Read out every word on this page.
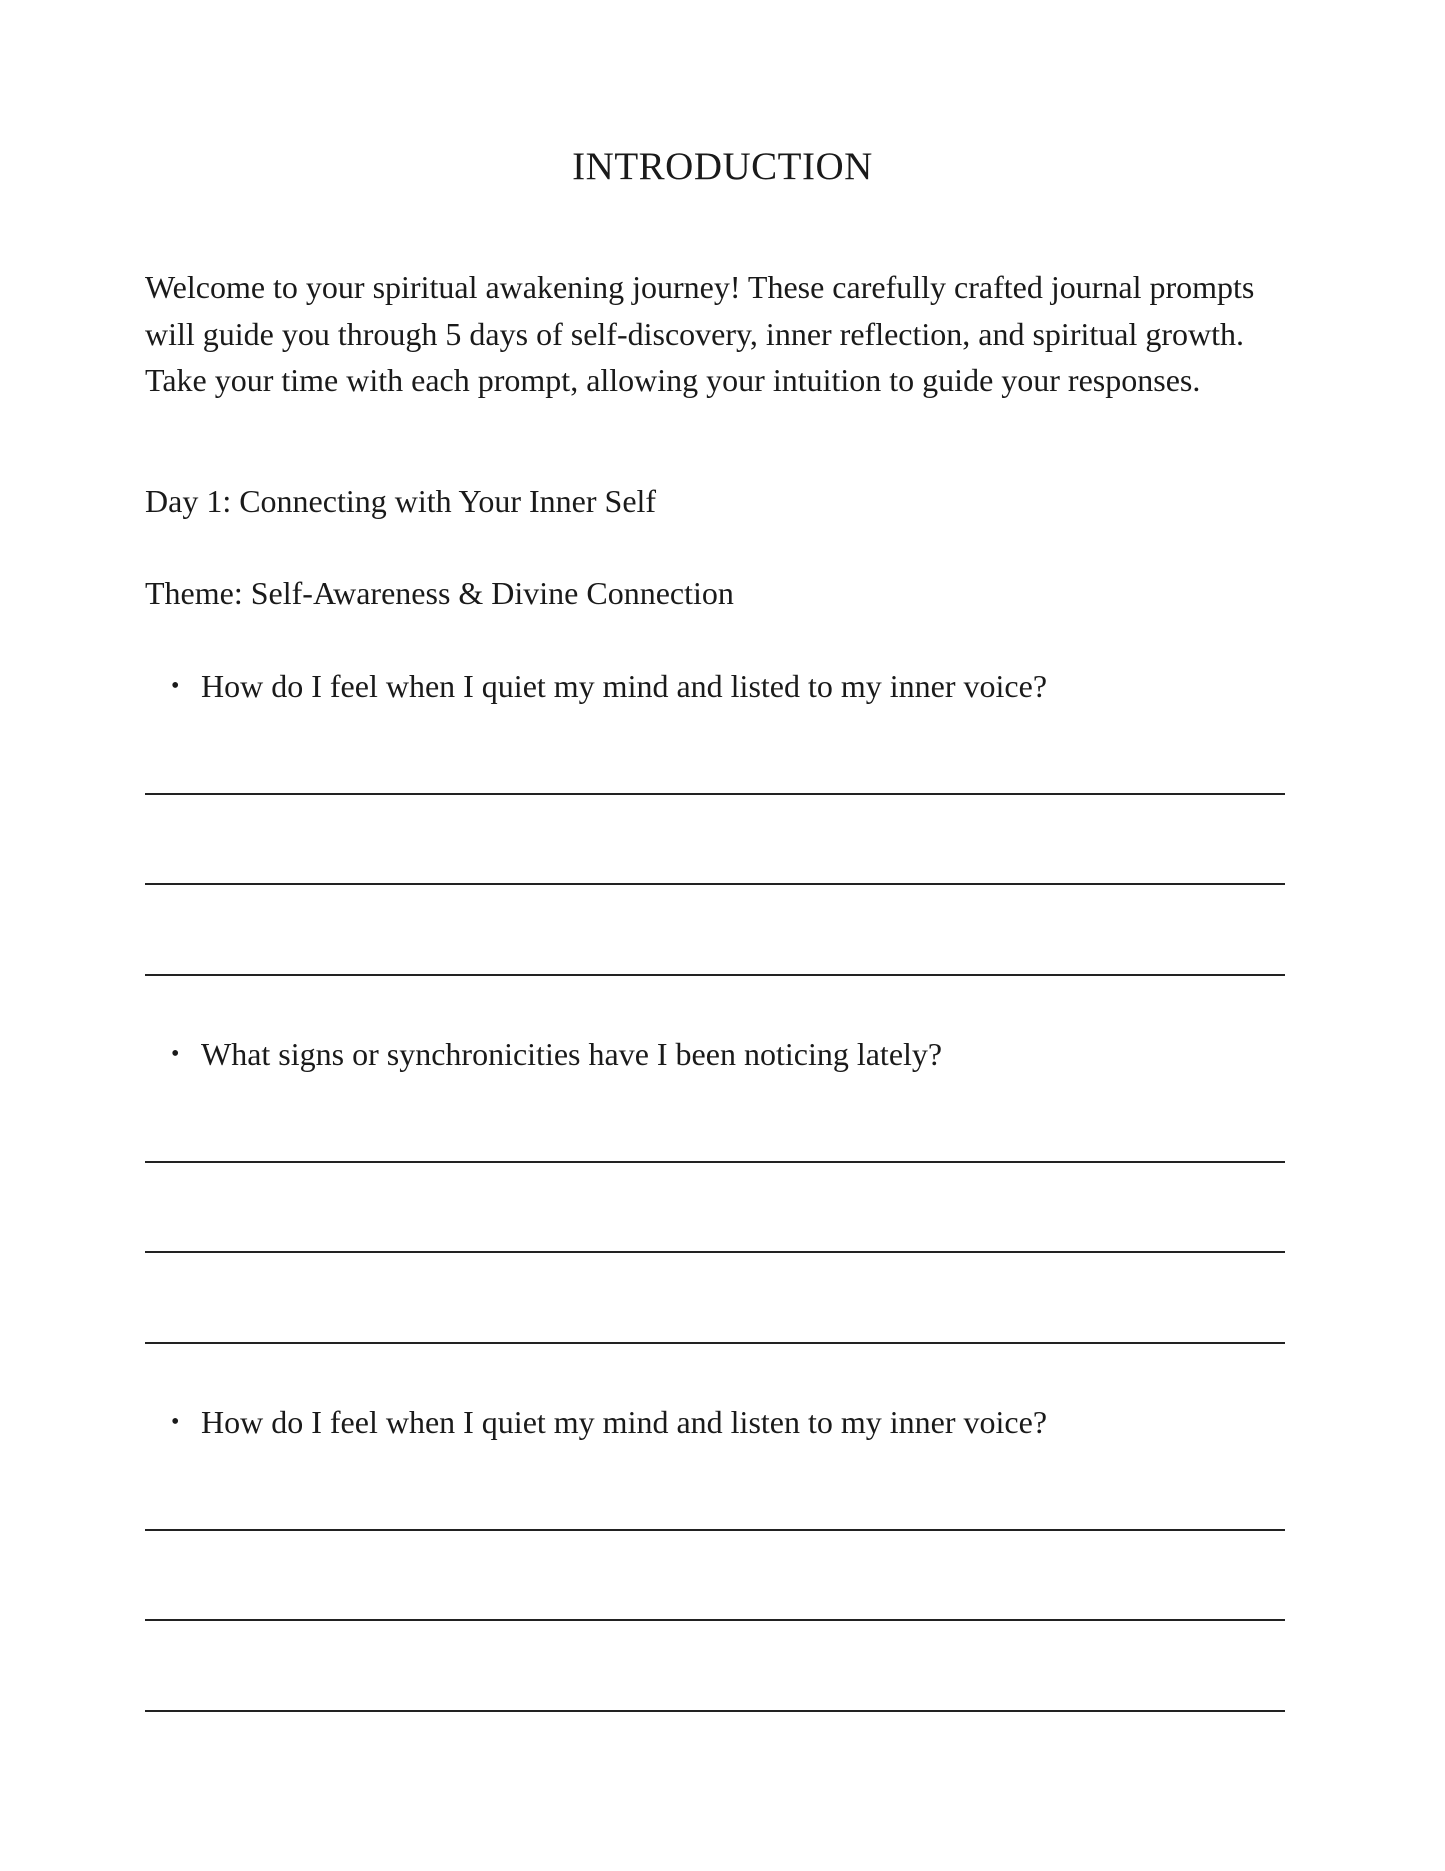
INTRODUCTION

Welcome to your spiritual awakening journey! These carefully crafted journal prompts will guide you through 5 days of self-discovery, inner reflection, and spiritual growth. Take your time with each prompt, allowing your intuition to guide your responses.

Day 1: Connecting with Your Inner Self

Theme: Self-Awareness & Divine Connection

• How do I feel when I quiet my mind and listed to my inner voice?

• What signs or synchronicities have I been noticing lately?

• How do I feel when I quiet my mind and listen to my inner voice?
